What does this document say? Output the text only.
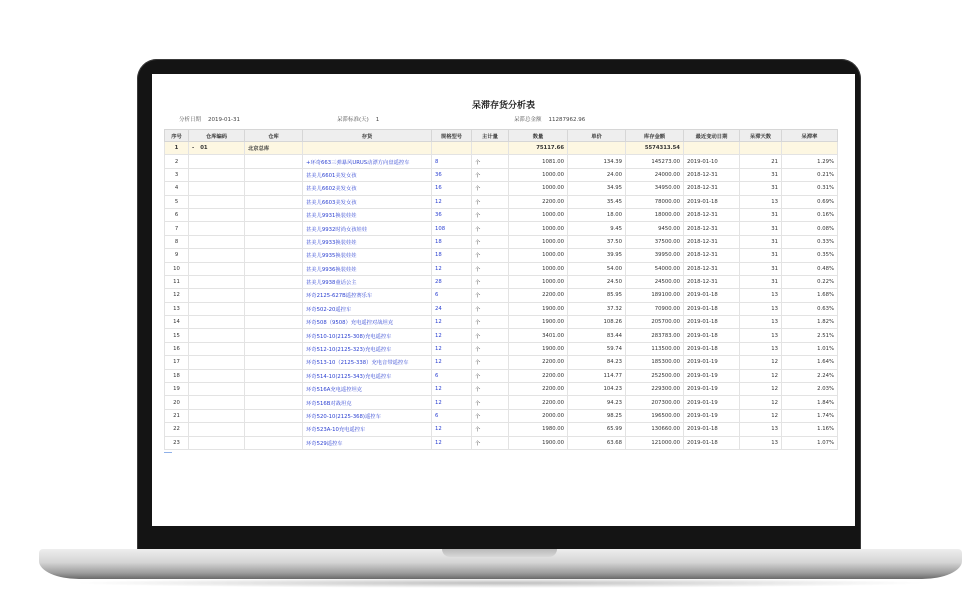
呆滞存货分析表
分析日期 2019-01-31	呆滞标准(天) 1	呆滞总金额 11287962.96
序号	仓库编码	仓库	存货	规格型号	主计量	数量	单价	库存金额	最近变动日期	呆滞天数	呆滞率
1	- 01	北京总库				75117.66		5574313.54			
2			+环奇663三弹暴风URUS动漂方向盘遥控车	8	个	1081.00	134.39	145273.00	2019-01-10	21	1.29%
3			甚美儿6601美发女孩	36	个	1000.00	24.00	24000.00	2018-12-31	31	0.21%
4			甚美儿6602美发女孩	16	个	1000.00	34.95	34950.00	2018-12-31	31	0.31%
5			甚美儿6603美发女孩	12	个	2200.00	35.45	78000.00	2019-01-18	13	0.69%
6			甚美儿9931换装娃娃	36	个	1000.00	18.00	18000.00	2018-12-31	31	0.16%
7			甚美儿9932时尚女孩娃娃	108	个	1000.00	9.45	9450.00	2018-12-31	31	0.08%
8			甚美儿9933换装娃娃	18	个	1000.00	37.50	37500.00	2018-12-31	31	0.33%
9			甚美儿9935换装娃娃	18	个	1000.00	39.95	39950.00	2018-12-31	31	0.35%
10			甚美儿9936换装娃娃	12	个	1000.00	54.00	54000.00	2018-12-31	31	0.48%
11			甚美儿9938童话公主	28	个	1000.00	24.50	24500.00	2018-12-31	31	0.22%
12			环奇2125-627B遥控赛乐车	6	个	2200.00	85.95	189100.00	2019-01-18	13	1.68%
13			环奇502-20遥控车	24	个	1900.00	37.32	70900.00	2019-01-18	13	0.63%
14			环奇508（9508）充电遥控对战坦克	12	个	1900.00	108.26	205700.00	2019-01-18	13	1.82%
15			环奇510-10(2125-308)充电遥控车	12	个	3401.00	83.44	283783.00	2019-01-18	13	2.51%
16			环奇512-10(2125-323)充电遥控车	12	个	1900.00	59.74	113500.00	2019-01-18	13	1.01%
17			环奇513-10（2125-338）充电音带遥控车	12	个	2200.00	84.23	185300.00	2019-01-19	12	1.64%
18			环奇514-10(2125-343)充电遥控车	6	个	2200.00	114.77	252500.00	2019-01-19	12	2.24%
19			环奇516A充电遥控坦克	12	个	2200.00	104.23	229300.00	2019-01-19	12	2.03%
20			环奇516B对战坦克	12	个	2200.00	94.23	207300.00	2019-01-19	12	1.84%
21			环奇520-10(2125-368)遥控车	6	个	2000.00	98.25	196500.00	2019-01-19	12	1.74%
22			环奇523A-10充电遥控车	12	个	1980.00	65.99	130660.00	2019-01-18	13	1.16%
23			环奇529遥控车	12	个	1900.00	63.68	121000.00	2019-01-18	13	1.07%
